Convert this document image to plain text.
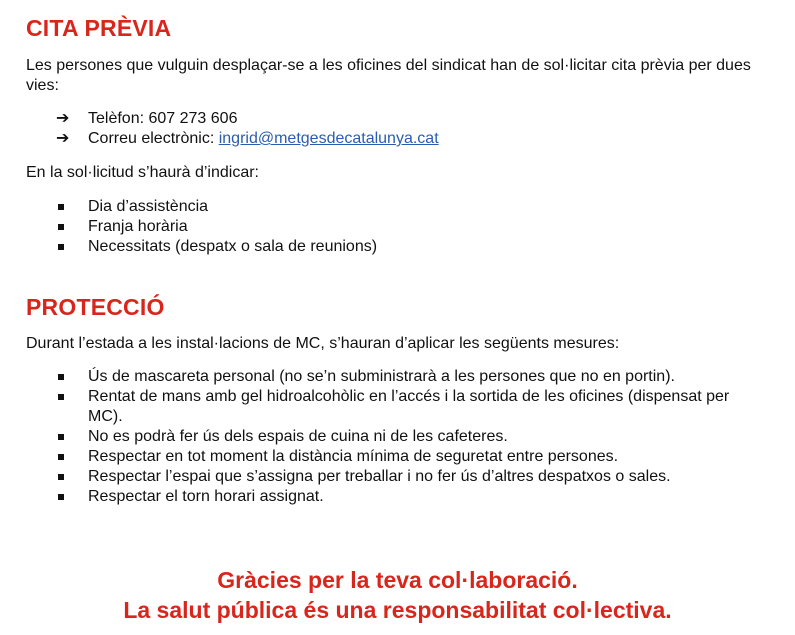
CITA PRÈVIA

Les persones que vulguin desplaçar-se a les oficines del sindicat han de sol·licitar cita prèvia per dues vies:

➔ Telèfon: 607 273 606
➔ Correu electrònic: ingrid@metgesdecatalunya.cat

En la sol·licitud s’haurà d’indicar:

Dia d’assistència
Franja horària
Necessitats (despatx o sala de reunions)
PROTECCIÓ

Durant l’estada a les instal·lacions de MC, s’hauran d’aplicar les següents mesures:

Ús de mascareta personal (no se’n subministrarà a les persones que no en portin).
Rentat de mans amb gel hidroalcohòlic en l’accés i la sortida de les oficines (dispensat per MC).
No es podrà fer ús dels espais de cuina ni de les cafeteres.
Respectar en tot moment la distància mínima de seguretat entre persones.
Respectar l’espai que s’assigna per treballar i no fer ús d’altres despatxos o sales.
Respectar el torn horari assignat.
Gràcies per la teva col·laboració.
La salut pública és una responsabilitat col·lectiva.
